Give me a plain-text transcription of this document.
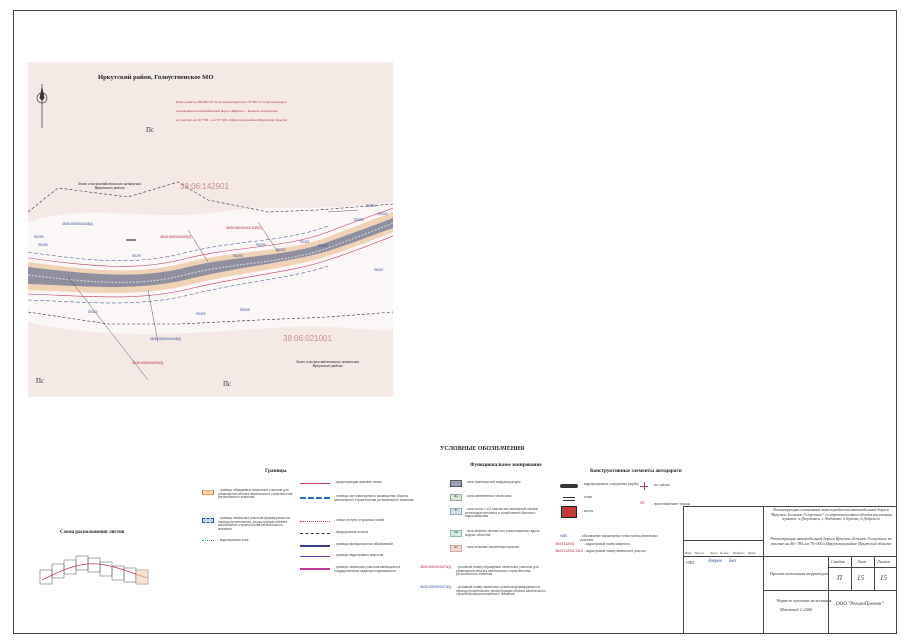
Иркутский район, Голоустненское МО
Конец трассы ПК298+20.54 соответствует км 70+962.17 существующего
километража автомобильной дороги Иркутск – Большое Голоустное
на участке км 46+780 – км 70+000 в Иркутском районе Иркутской области
Пс
Пс	Пс
Земли сельскохозяйственного назначения
Иркутского района
Земли сельскохозяйственного назначения
Иркутского района
38:06:142901
38:06:021001
38:06:000000:6448(1)
38:06:000000:6392(2)
38:06:000000:6473:39(1)
38:06:000000:6448(2)
38:06:000000:6392(3)
ПК295
ПК296
ПК297	ПК298
ПК299
ПК300
ПК301
ПК302
ПК303
ПК304
ПК305
ПК310	ПК309
ПК308
ПК307
УСЛОВНЫЕ ОБОЗНАЧЕНИЯ
Границы
Функциональное зонирование
Конструктивные элементы автодороги
- границы образуемых земельных участков для размещения объекта капитального строительства регионального значения
- границы земельных участков формируемых на период строительства, реконструкции объекта капитального строительства регионального значения
- водоохранная зона
- существующие красные линии
- границы зон планируемого размещения объекта капитального строительства регионального значения
- линии отступа от красных линий
- придорожные полосы
- границы муниципальных образований
- границы кадастрового квартала
- границы земельных участков имеющихся в государственном кадастре недвижимости
- зона транспортной инфраструктуры
Зеу	- зона озелененных лесов зоны
Лз	- зона пояса 1 и 2 поясов зон санитарной охраны источников питьевого и хозяйственно-бытового водоснабжения
Овз	- зона зеленых лесных зон, расположенных вдоль водных объектов
Нп	- зона сельских населенных пунктов
38:06:000000:6473(1)	- условный номер образуемых земельных участков для размещения объекта капитального строительства регионального значения
38:06:000000:6473(1)	- условный номер земельных участков формируемых на период строительства, реконструкции объекта капитального строительства регионального значения
- водопропускные сооружения (трубы)
- стоки
- мосты
- км. трассы
55 - проектный пикет трассы
н355	- обозначение характерных точек границ земельных участков
38:06:142901	- кадастровый номер квартала
38:06:142901:1315 - кадастровый номер земельного участка
Схема расположения листов
Реконструкция и повышение категорийности автомобильной дороги "Иркутск–Большое Голоустное" со строительством обходов населенных пунктов: п.Дзержинск, с.Людиново, д.Бутово, д.Добролет
Реконструкция автомобильной дороги Иркутск–Большое Голоустное на участке км 46+780–км 70+000 в Иркутском районе Иркутской области
Изм. Кол.уч. Лист № док. Подпись Дата
ГИП	Зверев Бел
Проект межевания территории
Стадия	Лист	Листов
П 15 15
Чертеж проекта межевания
Масштаб 1:2000
ООО "РегионПроект"
